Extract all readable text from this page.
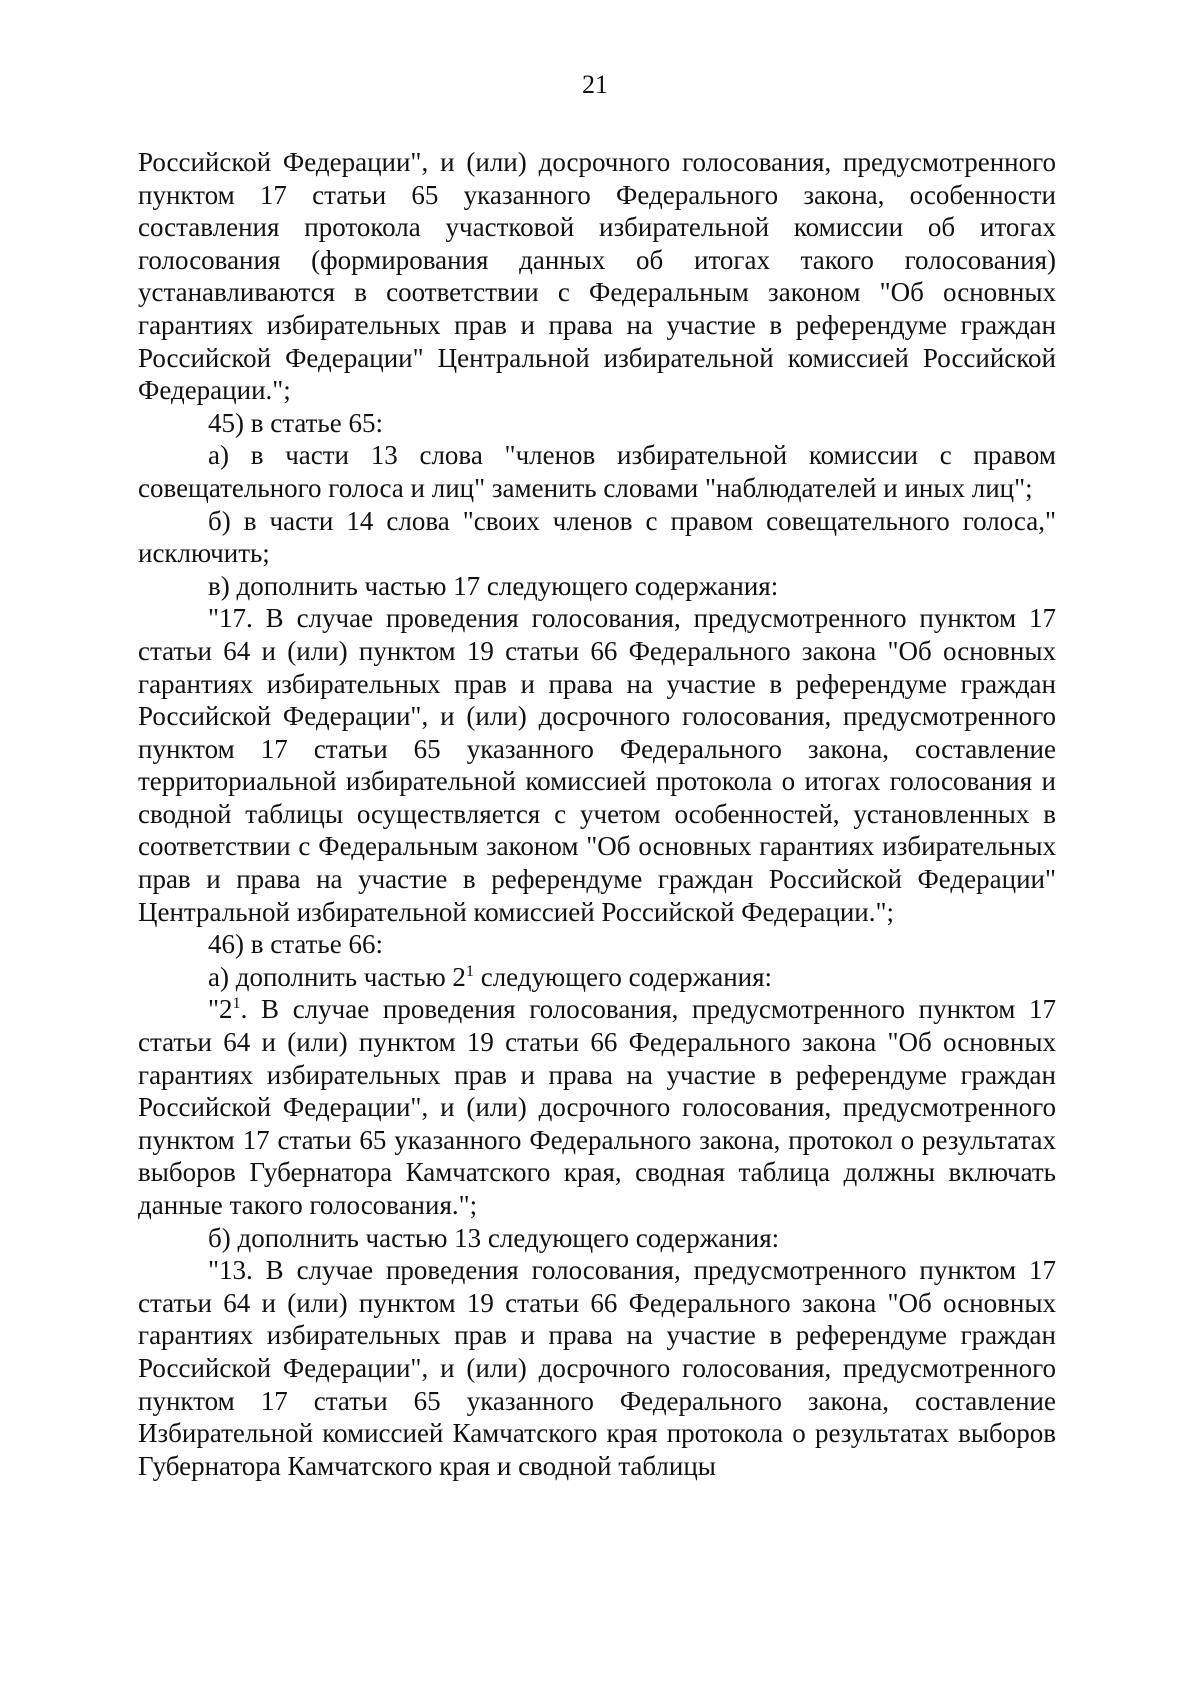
21

Российской Федерации", и (или) досрочного голосования, предусмотренного пунктом 17 статьи 65 указанного Федерального закона, особенности составления протокола участковой избирательной комиссии об итогах голосования (формирования данных об итогах такого голосования) устанавливаются в соответствии с Федеральным законом "Об основных гарантиях избирательных прав и права на участие в референдуме граждан Российской Федерации" Центральной избирательной комиссией Российской Федерации.";

45) в статье 65:

а) в части 13 слова "членов избирательной комиссии с правом совещательного голоса и лиц" заменить словами "наблюдателей и иных лиц";

б) в части 14 слова "своих членов с правом совещательного голоса," исключить;

в) дополнить частью 17 следующего содержания:

"17. В случае проведения голосования, предусмотренного пунктом 17 статьи 64 и (или) пунктом 19 статьи 66 Федерального закона "Об основных гарантиях избирательных прав и права на участие в референдуме граждан Российской Федерации", и (или) досрочного голосования, предусмотренного пунктом 17 статьи 65 указанного Федерального закона, составление территориальной избирательной комиссией протокола о итогах голосования и сводной таблицы осуществляется с учетом особенностей, установленных в соответствии с Федеральным законом "Об основных гарантиях избирательных прав и права на участие в референдуме граждан Российской Федерации" Центральной избирательной комиссией Российской Федерации.";

46) в статье 66:

а) дополнить частью $2^1$ следующего содержания:

"$2^1$. В случае проведения голосования, предусмотренного пунктом 17 статьи 64 и (или) пунктом 19 статьи 66 Федерального закона "Об основных гарантиях избирательных прав и права на участие в референдуме граждан Российской Федерации", и (или) досрочного голосования, предусмотренного пунктом 17 статьи 65 указанного Федерального закона, протокол о результатах выборов Губернатора Камчатского края, сводная таблица должны включать данные такого голосования.";

б) дополнить частью 13 следующего содержания:

"13. В случае проведения голосования, предусмотренного пунктом 17 статьи 64 и (или) пунктом 19 статьи 66 Федерального закона "Об основных гарантиях избирательных прав и права на участие в референдуме граждан Российской Федерации", и (или) досрочного голосования, предусмотренного пунктом 17 статьи 65 указанного Федерального закона, составление Избирательной комиссией Камчатского края протокола о результатах выборов Губернатора Камчатского края и сводной таблицы
